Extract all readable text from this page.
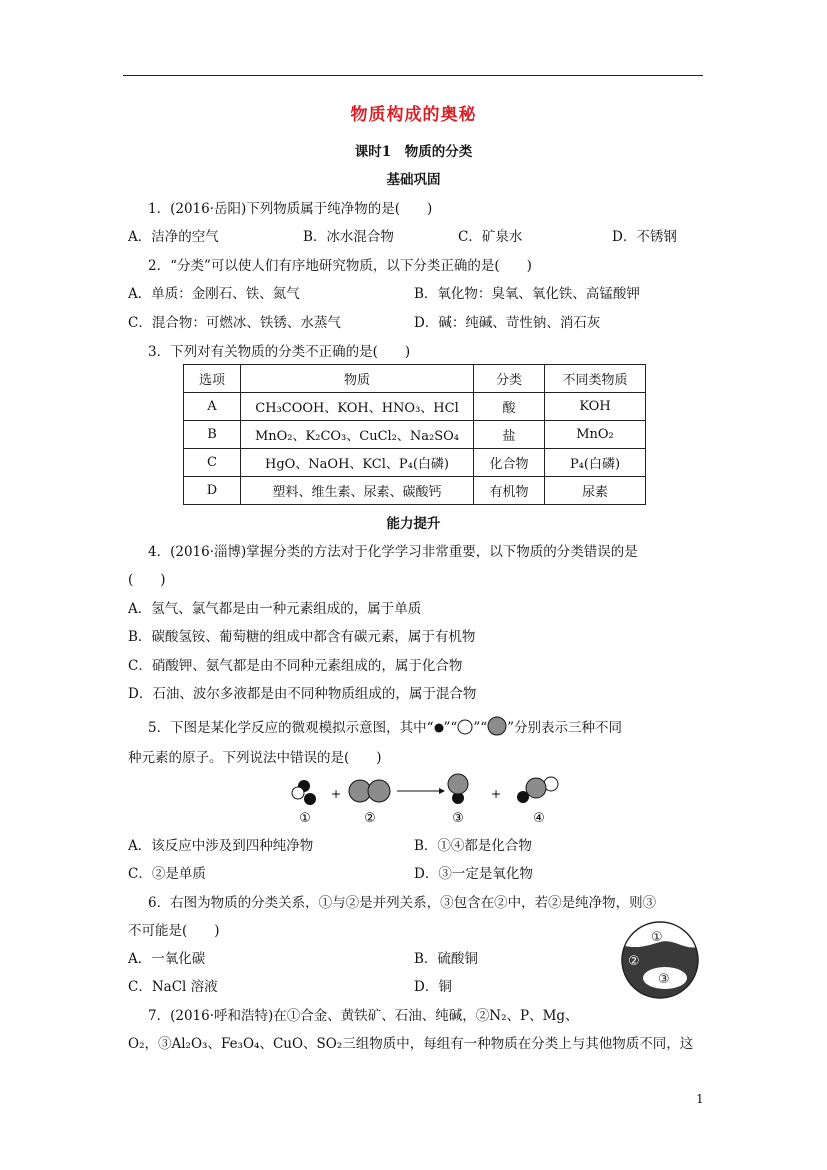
物质构成的奥秘
课时1　物质的分类
基础巩固
1．(2016·岳阳)下列物质属于纯净物的是(　　)
A．洁净的空气	B．冰水混合物	C．矿泉水	D．不锈钢
2．“分类”可以使人们有序地研究物质，以下分类正确的是(　　)
A．单质：金刚石、铁、氮气	B．氧化物：臭氧、氧化铁、高锰酸钾
C．混合物：可燃冰、铁锈、水蒸气	D．碱：纯碱、苛性钠、消石灰
3．下列对有关物质的分类不正确的是(　　)
选项	物质	分类	不同类物质
A	CH₃COOH、KOH、HNO₃、HCl	酸	KOH
B	MnO₂、K₂CO₃、CuCl₂、Na₂SO₄	盐	MnO₂
C	HgO、NaOH、KCl、P₄(白磷)	化合物	P₄(白磷)
D	塑料、维生素、尿素、碳酸钙	有机物	尿素
能力提升
4．(2016·淄博)掌握分类的方法对于化学学习非常重要，以下物质的分类错误的是
(　　)
A．氢气、氯气都是由一种元素组成的，属于单质
B．碳酸氢铵、葡萄糖的组成中都含有碳元素，属于有机物
C．硝酸钾、氨气都是由不同种元素组成的，属于化合物
D．石油、波尔多液都是由不同种物质组成的，属于混合物
5．下图是某化学反应的微观模拟示意图，其中“ ”“ ”“ ”分别表示三种不同
种元素的原子。下列说法中错误的是(　　)
+	+
①	②	③	④
A．该反应中涉及到四种纯净物	B．①④都是化合物
C．②是单质	D．③一定是氧化物
6．右图为物质的分类关系，①与②是并列关系，③包含在②中，若②是纯净物，则③
不可能是(　　)
A．一氧化碳	B．硫酸铜
C．NaCl 溶液	D．铜
①
②
③
7．(2016·呼和浩特)在①合金、黄铁矿、石油、纯碱，②N₂、P、Mg、
O₂，③Al₂O₃、Fe₃O₄、CuO、SO₂三组物质中，每组有一种物质在分类上与其他物质不同，这
1
